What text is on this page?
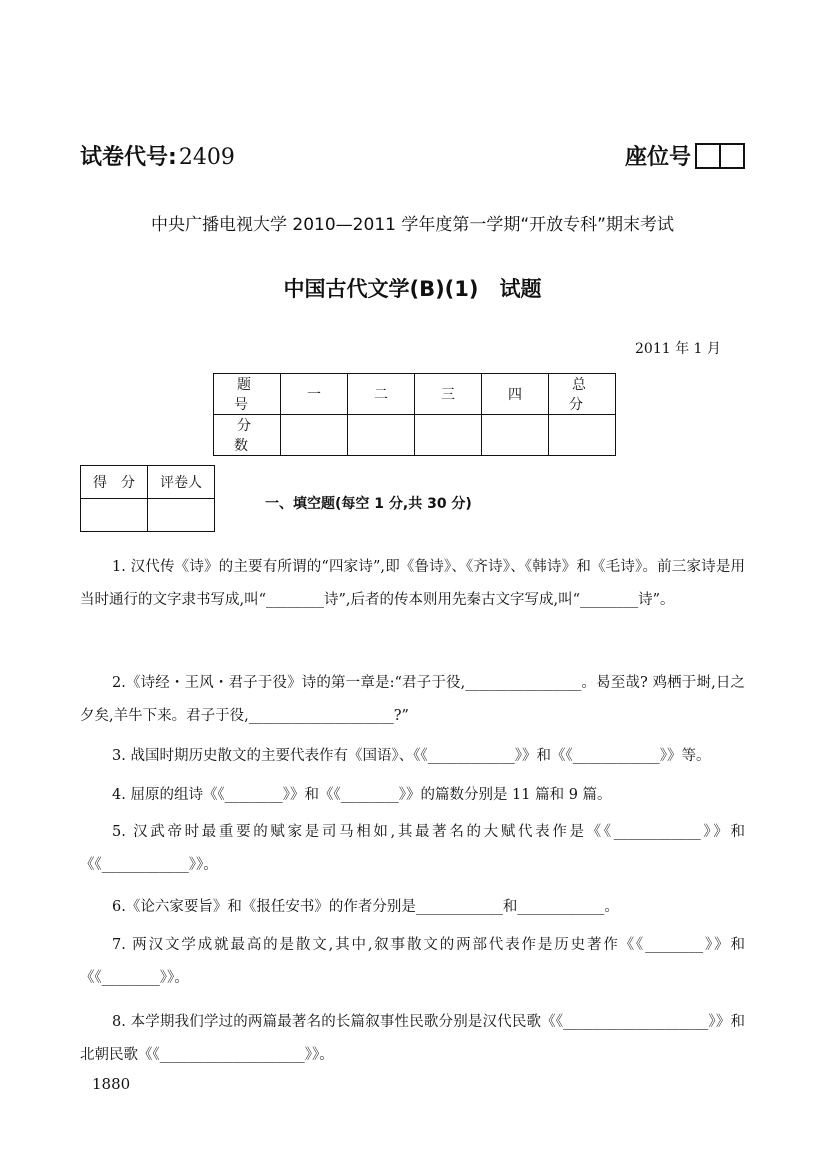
试卷代号:2409	座位号
中央广播电视大学 2010—2011 学年度第一学期“开放专科”期末考试
中国古代文学(B)(1)　试题
2011 年 1 月
题　号	一	二	三	四	总　分
分　数					
得　分	评卷人

一、填空题(每空 1 分,共 30 分)

1. 汉代传《诗》的主要有所谓的“四家诗”,即《鲁诗》、《齐诗》、《韩诗》和《毛诗》。前三家诗是用当时通行的文字隶书写成,叫“________诗”,后者的传本则用先秦古文字写成,叫“________诗”。

2.《诗经・王风・君子于役》诗的第一章是:“君子于役,________________。曷至哉? 鸡栖于埘,日之夕矣,羊牛下来。君子于役,____________________?”

3. 战国时期历史散文的主要代表作有《国语》、《《____________》》和《《____________》》等。

4. 屈原的组诗《《________》》和《《________》》的篇数分别是 11 篇和 9 篇。

5. 汉武帝时最重要的赋家是司马相如,其最著名的大赋代表作是《《____________》》和《《____________》》。

6.《论六家要旨》和《报任安书》的作者分别是____________和____________。

7. 两汉文学成就最高的是散文,其中,叙事散文的两部代表作是历史著作《《________》》和《《________》》。

8. 本学期我们学过的两篇最著名的长篇叙事性民歌分别是汉代民歌《《____________________》》和北朝民歌《《____________________》》。

1880
